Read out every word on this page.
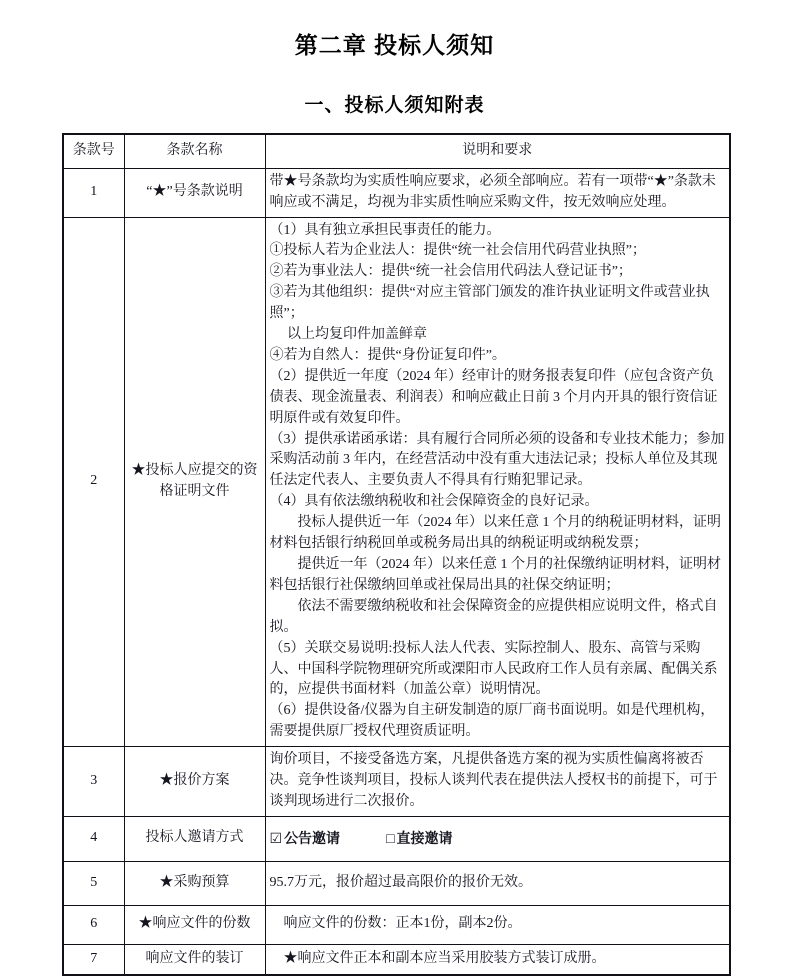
第二章 投标人须知
一、投标人须知附表
条款号	条款名称	说明和要求
1	“★”号条款说明	带★号条款均为实质性响应要求，必须全部响应。若有一项带“★”条款未响应或不满足，均视为非实质性响应采购文件，按无效响应处理。

2	★投标人应提交的资格证明文件	

（1）具有独立承担民事责任的能力。

①投标人若为企业法人：提供“统一社会信用代码营业执照”；

②若为事业法人：提供“统一社会信用代码法人登记证书”；

③若为其他组织：提供“对应主管部门颁发的准许执业证明文件或营业执照”；

　 以上均复印件加盖鲜章

④若为自然人：提供“身份证复印件”。

（2）提供近一年度（2024 年）经审计的财务报表复印件（应包含资产负债表、现金流量表、利润表）和响应截止日前 3 个月内开具的银行资信证明原件或有效复印件。

（3）提供承诺函承诺：具有履行合同所必须的设备和专业技术能力；参加采购活动前 3 年内，在经营活动中没有重大违法记录；投标人单位及其现任法定代表人、主要负责人不得具有行贿犯罪记录。

（4）具有依法缴纳税收和社会保障资金的良好记录。

　　投标人提供近一年（2024 年）以来任意 1 个月的纳税证明材料，证明材料包括银行纳税回单或税务局出具的纳税证明或纳税发票；

　　提供近一年（2024 年）以来任意 1 个月的社保缴纳证明材料，证明材料包括银行社保缴纳回单或社保局出具的社保交纳证明；

　　依法不需要缴纳税收和社会保障资金的应提供相应说明文件，格式自拟。

（5）关联交易说明:投标人法人代表、实际控制人、股东、高管与采购人、中国科学院物理研究所或溧阳市人民政府工作人员有亲属、配偶关系的，应提供书面材料（加盖公章）说明情况。

（6）提供设备/仪器为自主研发制造的原厂商书面说明。如是代理机构，需要提供原厂授权代理资质证明。

3	★报价方案	询价项目，不接受备选方案，凡提供备选方案的视为实质性偏离将被否决。竞争性谈判项目，投标人谈判代表在提供法人授权书的前提下，可于谈判现场进行二次报价。

4	投标人邀请方式	☑ 公告邀请 □ 直接邀请
5	★采购预算	95.7万元，报价超过最高限价的报价无效。

6	★响应文件的份数	　响应文件的份数：正本1份，副本2份。

7	响应文件的装订	　★响应文件正本和副本应当采用胶装方式装订成册。
